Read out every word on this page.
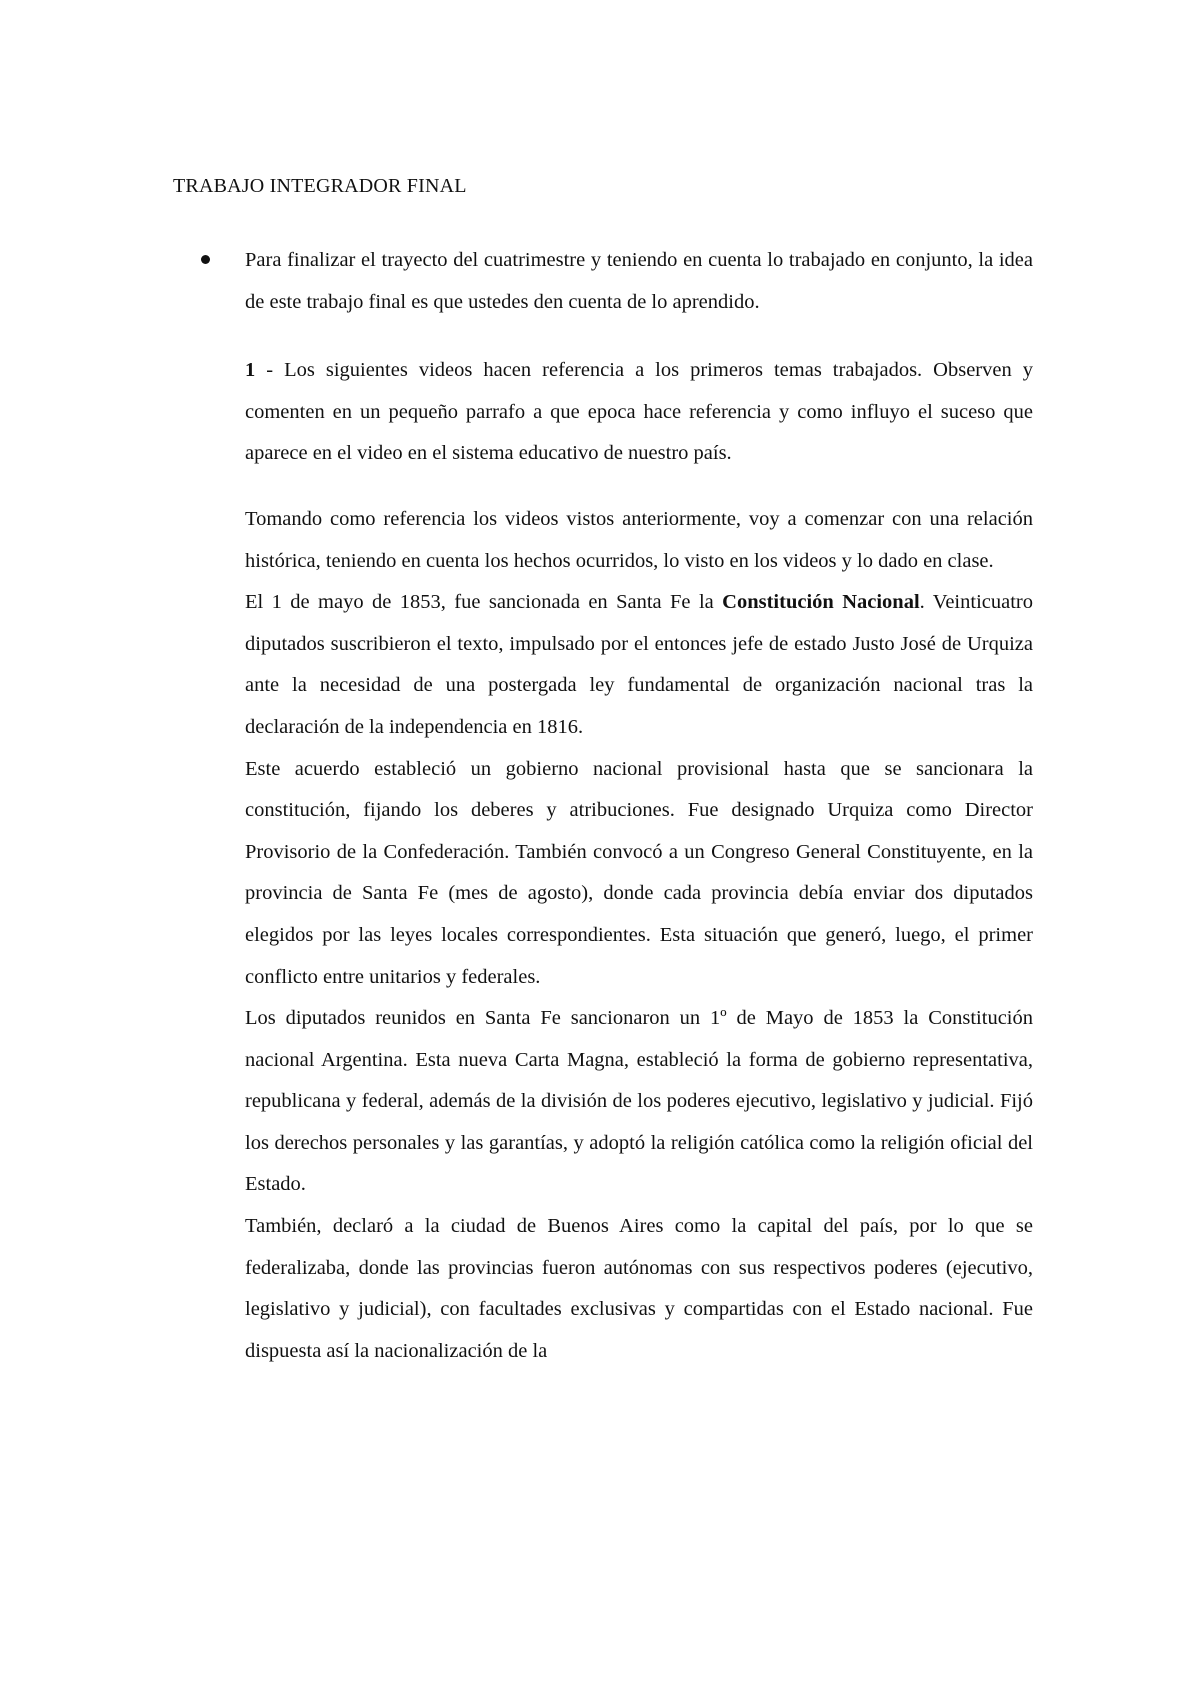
TRABAJO INTEGRADOR FINAL

Para finalizar el trayecto del cuatrimestre y teniendo en cuenta lo trabajado en conjunto, la idea de este trabajo final es que ustedes den cuenta de lo aprendido.

1 - Los siguientes videos hacen referencia a los primeros temas trabajados. Observen y comenten en un pequeño parrafo a que epoca hace referencia y como influyo el suceso que aparece en el video en el sistema educativo de nuestro país.

Tomando como referencia los videos vistos anteriormente, voy a comenzar con una relación histórica, teniendo en cuenta los hechos ocurridos, lo visto en los videos y lo dado en clase.

El 1 de mayo de 1853, fue sancionada en Santa Fe la Constitución Nacional. Veinticuatro diputados suscribieron el texto, impulsado por el entonces jefe de estado Justo José de Urquiza ante la necesidad de una postergada ley fundamental de organización nacional tras la declaración de la independencia en 1816.

Este acuerdo estableció un gobierno nacional provisional hasta que se sancionara la constitución, fijando los deberes y atribuciones. Fue designado Urquiza como Director Provisorio de la Confederación. También convocó a un Congreso General Constituyente, en la provincia de Santa Fe (mes de agosto), donde cada provincia debía enviar dos diputados elegidos por las leyes locales correspondientes. Esta situación que generó, luego, el primer conflicto entre unitarios y federales.

Los diputados reunidos en Santa Fe sancionaron un 1º de Mayo de 1853 la Constitución nacional Argentina. Esta nueva Carta Magna, estableció la forma de gobierno representativa, republicana y federal, además de la división de los poderes ejecutivo, legislativo y judicial. Fijó los derechos personales y las garantías, y adoptó la religión católica como la religión oficial del Estado.

También, declaró a la ciudad de Buenos Aires como la capital del país, por lo que se federalizaba, donde las provincias fueron autónomas con sus respectivos poderes (ejecutivo, legislativo y judicial), con facultades exclusivas y compartidas con el Estado nacional. Fue dispuesta así la nacionalización de la
